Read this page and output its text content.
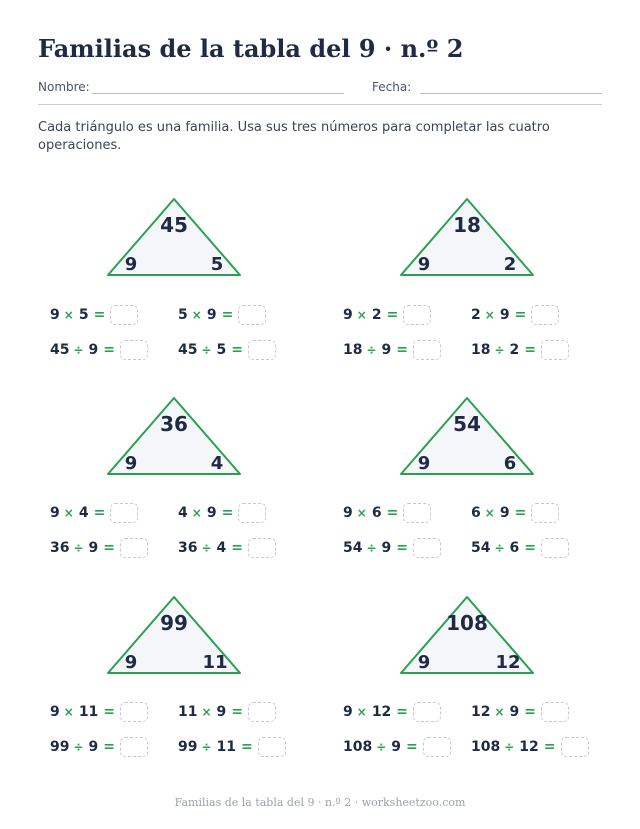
Familias de la tabla del 9 · n.º 2
Nombre:	Fecha:

Cada triángulo es una familia. Usa sus tres números para completar las cuatro operaciones.

45
9	5
9 × 5 =	5 × 9 =
45 ÷ 9 =	45 ÷ 5 =
18
9	2
9 × 2 =	2 × 9 =
18 ÷ 9 =	18 ÷ 2 =
36
9	4
9 × 4 =	4 × 9 =
36 ÷ 9 =	36 ÷ 4 =
54
9	6
9 × 6 =	6 × 9 =
54 ÷ 9 =	54 ÷ 6 =
99
9	11
9 × 11 =	11 × 9 =
99 ÷ 9 =	99 ÷ 11 =
108
9	12
9 × 12 =	12 × 9 =
108 ÷ 9 =	108 ÷ 12 =
Familias de la tabla del 9 · n.º 2 · worksheetzoo.com
